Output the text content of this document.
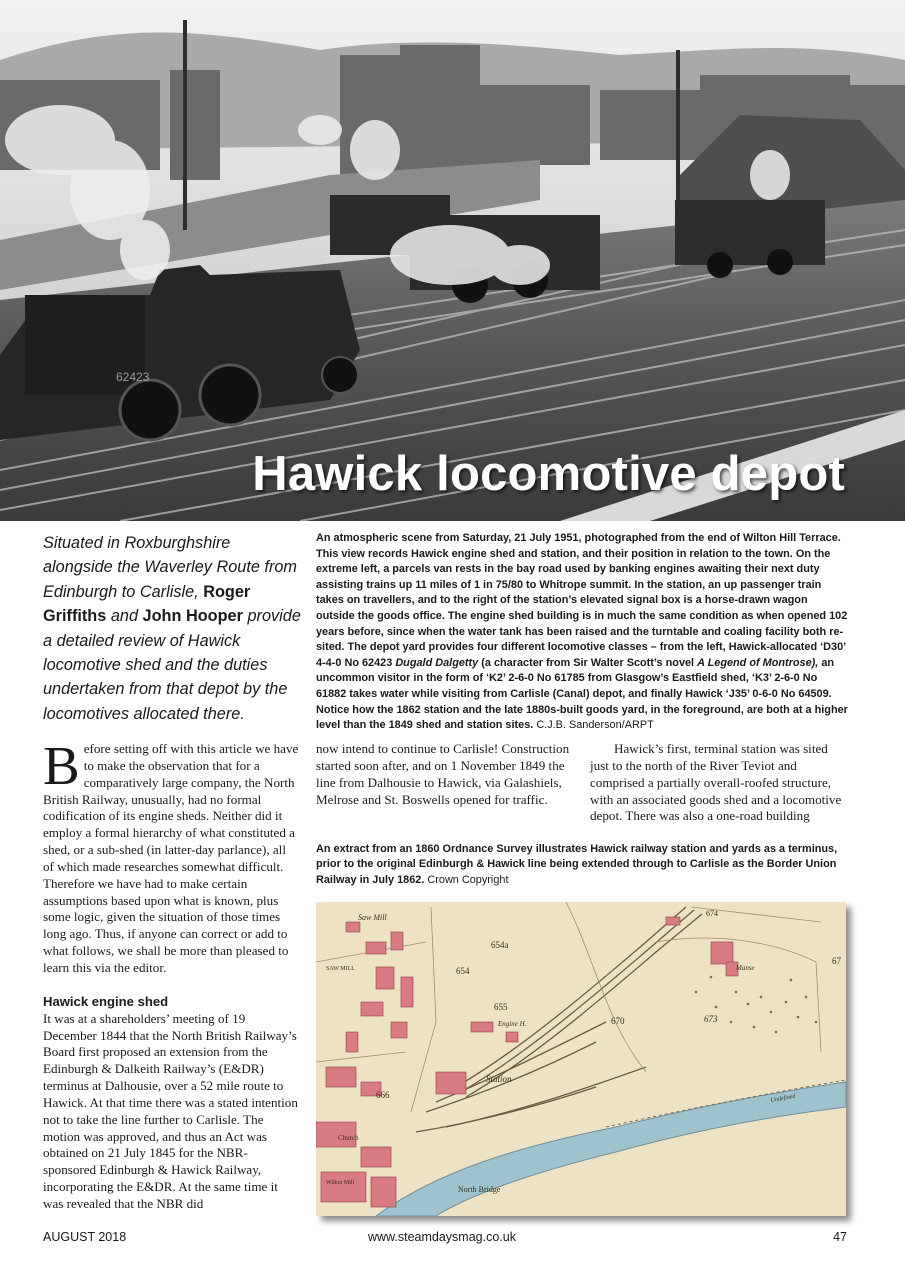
62423
Hawick locomotive depot

Situated in Roxburghshire alongside the Waverley Route from Edinburgh to Carlisle, Roger Griffiths and John Hooper provide a detailed review of Hawick locomotive shed and the duties undertaken from that depot by the locomotives allocated there.

An atmospheric scene from Saturday, 21 July 1951, photographed from the end of Wilton Hill Terrace. This view records Hawick engine shed and station, and their position in relation to the town. On the extreme left, a parcels van rests in the bay road used by banking engines awaiting their next duty assisting trains up 11 miles of 1 in 75/80 to Whitrope summit. In the station, an up passenger train takes on travellers, and to the right of the station’s elevated signal box is a horse-drawn wagon outside the goods office. The engine shed building is in much the same condition as when opened 102 years before, since when the water tank has been raised and the turntable and coaling facility both re-sited. The depot yard provides four different locomotive classes – from the left, Hawick-allocated ‘D30’ 4-4-0 No 62423 Dugald Dalgetty (a character from Sir Walter Scott’s novel A Legend of Montrose), an uncommon visitor in the form of ‘K2’ 2-6-0 No 61785 from Glasgow’s Eastfield shed, ‘K3’ 2-6-0 No 61882 takes water while visiting from Carlisle (Canal) depot, and finally Hawick ‘J35’ 0-6-0 No 64509. Notice how the 1862 station and the late 1880s-built goods yard, in the foreground, are both at a higher level than the 1849 shed and station sites. C.J.B. Sanderson/ARPT

Before setting off with this article we have to make the observation that for a comparatively large company, the North British Railway, unusually, had no formal codification of its engine sheds. Neither did it employ a formal hierarchy of what constituted a shed, or a sub-shed (in latter-day parlance), all of which made researches somewhat difficult. Therefore we have had to make certain assumptions based upon what is known, plus some logic, given the situation of those times long ago. Thus, if anyone can correct or add to what follows, we shall be more than pleased to learn this via the editor.

Hawick engine shed

It was at a shareholders’ meeting of 19 December 1844 that the North British Railway’s Board first proposed an extension from the Edinburgh & Dalkeith Railway’s (E&DR) terminus at Dalhousie, over a 52 mile route to Hawick. At that time there was a stated intention not to take the line further to Carlisle. The motion was approved, and thus an Act was obtained on 21 July 1845 for the NBR-sponsored Edinburgh & Hawick Railway, incorporating the E&DR. At the same time it was revealed that the NBR did

now intend to continue to Carlisle! Construction started soon after, and on 1 November 1849 the line from Dalhousie to Hawick, via Galashiels, Melrose and St. Boswells opened for traffic.

Hawick’s first, terminal station was sited just to the north of the River Teviot and comprised a partially overall-roofed structure, with an associated goods shed and a locomotive depot. There was also a one-road building

An extract from an 1860 Ordnance Survey illustrates Hawick railway station and yards as a terminus, prior to the original Edinburgh & Hawick line being extended through to Carlisle as the Border Union Railway in July 1862. Crown Copyright

Saw Mill
SAW MILL
654a
654
655
Engine H.
Station
666
670	673
674
67
Manse
Church
North Bridge
Undefined
Wilton Mill
AUGUST 2018	www.steamdaysmag.co.uk	47
